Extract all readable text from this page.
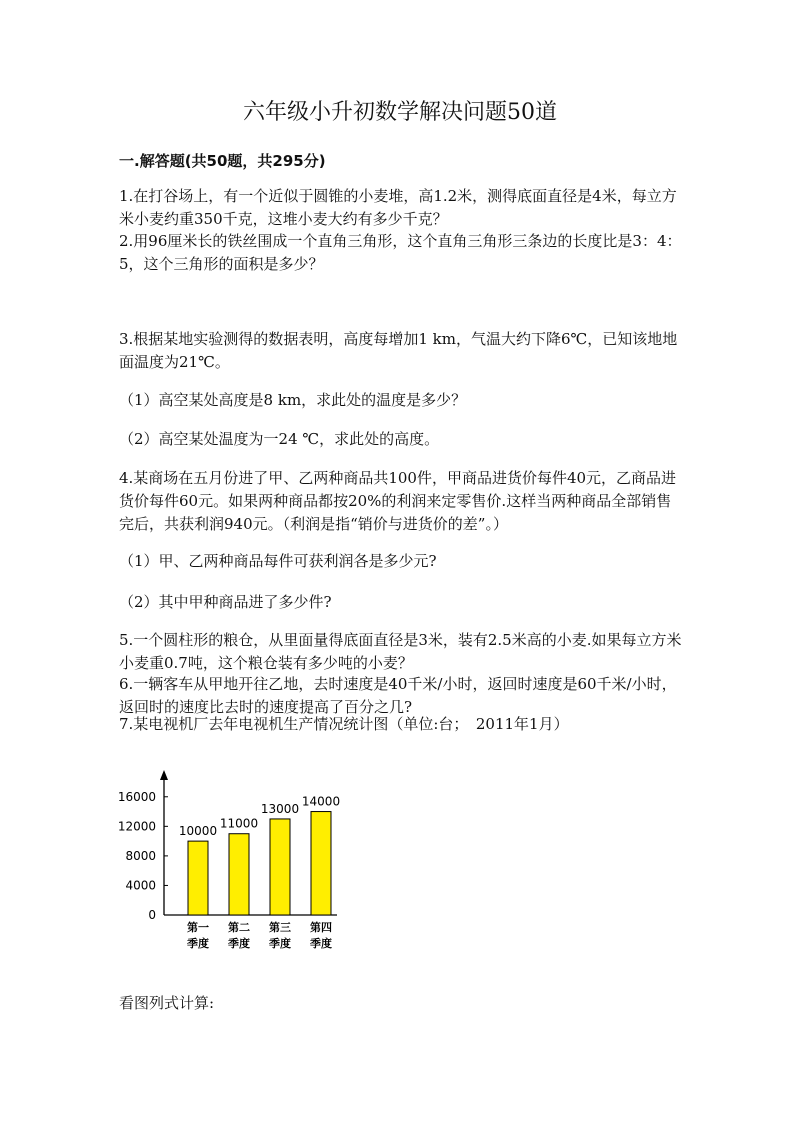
六年级小升初数学解决问题50道
一.解答题(共50题，共295分)
1.在打谷场上，有一个近似于圆锥的小麦堆，高1.2米，测得底面直径是4米，每立方米小麦约重350千克，这堆小麦大约有多少千克？
2.用96厘米长的铁丝围成一个直角三角形，这个直角三角形三条边的长度比是3：4：5，这个三角形的面积是多少？
3.根据某地实验测得的数据表明，高度每增加1 km，气温大约下降6℃，已知该地地面温度为21℃。
（1）高空某处高度是8 km，求此处的温度是多少？
（2）高空某处温度为一24 ℃，求此处的高度。
4.某商场在五月份进了甲、乙两种商品共100件，甲商品进货价每件40元，乙商品进货价每件60元。如果两种商品都按20%的利润来定零售价.这样当两种商品全部销售完后，共获利润940元。（利润是指“销价与进货价的差”。）
（1）甲、乙两种商品每件可获利润各是多少元?
（2）其中甲种商品进了多少件?
5.一个圆柱形的粮仓，从里面量得底面直径是3米，装有2.5米高的小麦.如果每立方米小麦重0.7吨，这个粮仓装有多少吨的小麦？
6.一辆客车从甲地开往乙地，去时速度是40千米/小时，返回时速度是60千米/小时，返回时的速度比去时的速度提高了百分之几?
7.某电视机厂去年电视机生产情况统计图（单位:台；　2011年1月）
0
4000
8000
12000
16000
10000
第一
季度
11000
第二
季度
13000
第三
季度
14000
第四
季度
看图列式计算:
